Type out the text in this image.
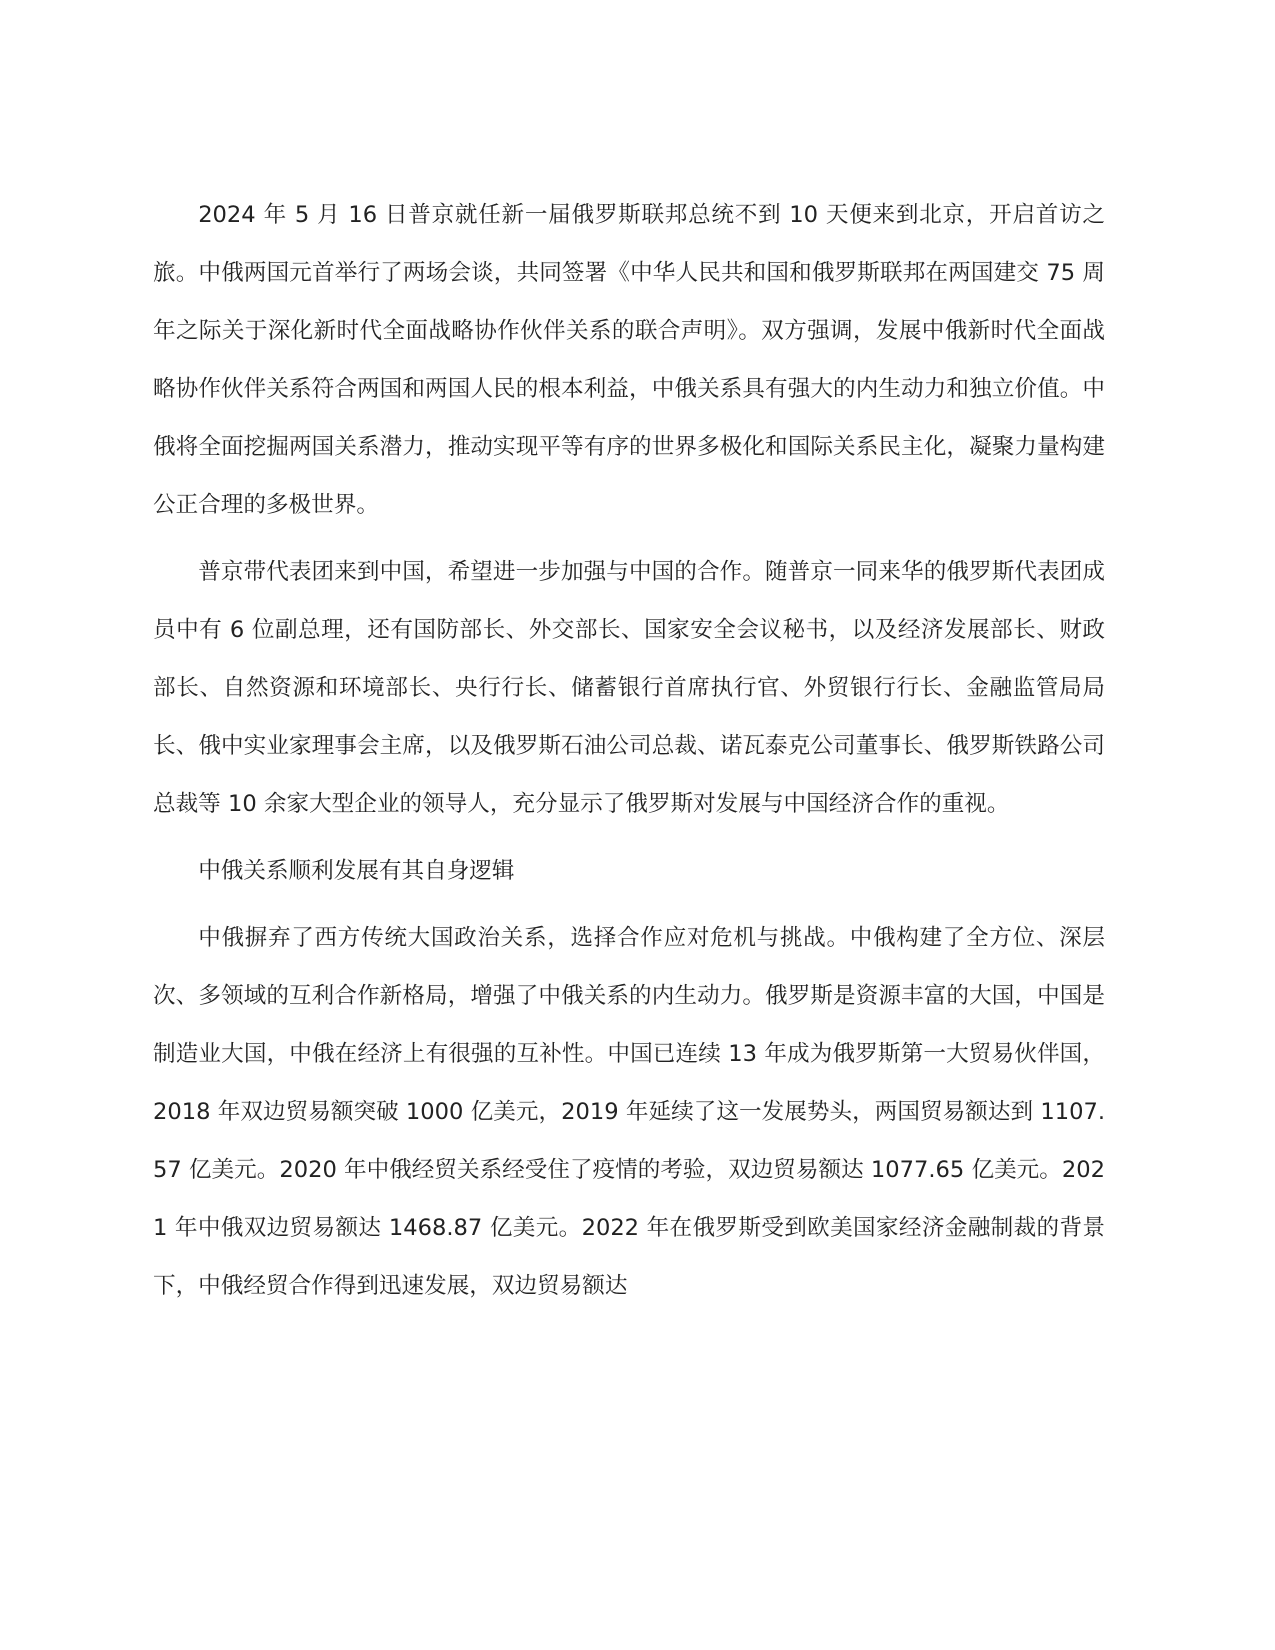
2024 年 5 月 16 日普京就任新一届俄罗斯联邦总统不到 10 天便来到北京，开启首访之旅。中俄两国元首举行了两场会谈，共同签署《中华人民共和国和俄罗斯联邦在两国建交 75 周年之际关于深化新时代全面战略协作伙伴关系的联合声明》。双方强调，发展中俄新时代全面战略协作伙伴关系符合两国和两国人民的根本利益，中俄关系具有强大的内生动力和独立价值。中俄将全面挖掘两国关系潜力，推动实现平等有序的世界多极化和国际关系民主化，凝聚力量构建公正合理的多极世界。

普京带代表团来到中国，希望进一步加强与中国的合作。随普京一同来华的俄罗斯代表团成员中有 6 位副总理，还有国防部长、外交部长、国家安全会议秘书，以及经济发展部长、财政部长、自然资源和环境部长、央行行长、储蓄银行首席执行官、外贸银行行长、金融监管局局长、俄中实业家理事会主席，以及俄罗斯石油公司总裁、诺瓦泰克公司董事长、俄罗斯铁路公司总裁等 10 余家大型企业的领导人，充分显示了俄罗斯对发展与中国经济合作的重视。

中俄关系顺利发展有其自身逻辑

中俄摒弃了西方传统大国政治关系，选择合作应对危机与挑战。中俄构建了全方位、深层次、多领域的互利合作新格局，增强了中俄关系的内生动力。俄罗斯是资源丰富的大国，中国是制造业大国，中俄在经济上有很强的互补性。中国已连续 13 年成为俄罗斯第一大贸易伙伴国，2018 年双边贸易额突破 1000 亿美元，2019 年延续了这一发展势头，两国贸易额达到 1107.57 亿美元。2020 年中俄经贸关系经受住了疫情的考验，双边贸易额达 1077.65 亿美元。2021 年中俄双边贸易额达 1468.87 亿美元。2022 年在俄罗斯受到欧美国家经济金融制裁的背景下，中俄经贸合作得到迅速发展，双边贸易额达
